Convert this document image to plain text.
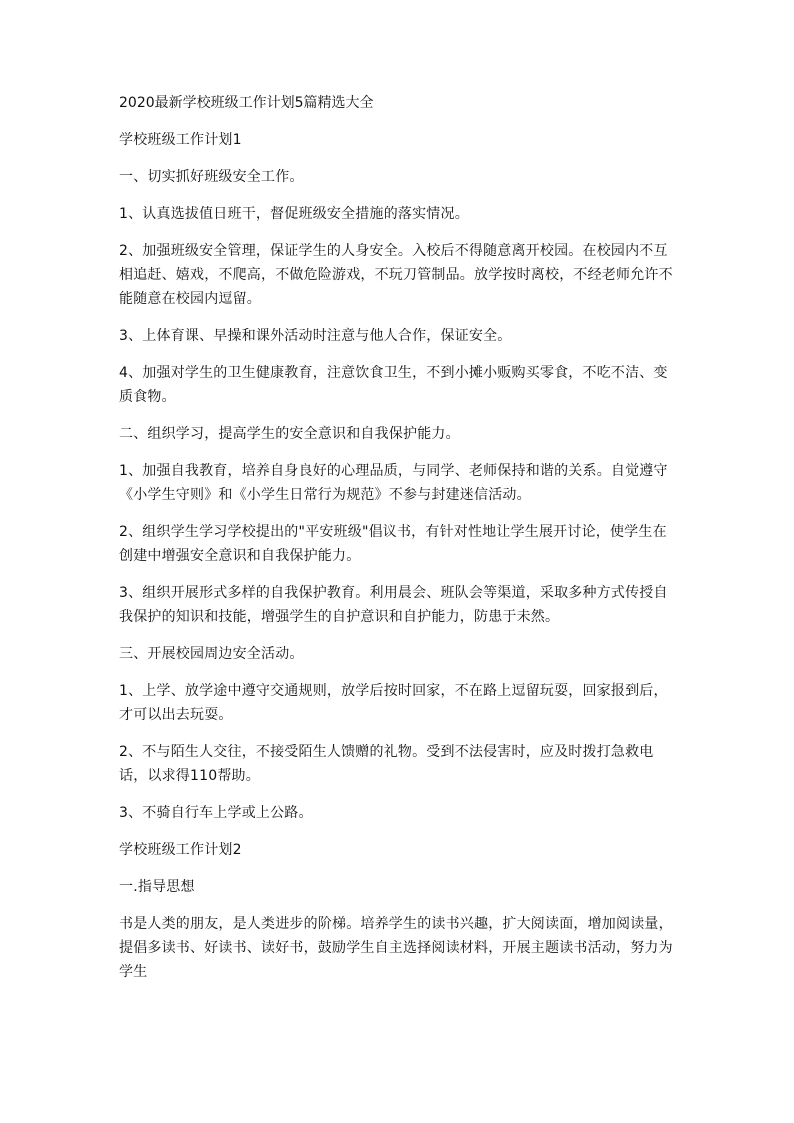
2020最新学校班级工作计划5篇精选大全

学校班级工作计划1

一、切实抓好班级安全工作。

1、认真选拔值日班干，督促班级安全措施的落实情况。

2、加强班级安全管理，保证学生的人身安全。入校后不得随意离开校园。在校园内不互相追赶、嬉戏，不爬高，不做危险游戏，不玩刀管制品。放学按时离校，不经老师允许不能随意在校园内逗留。

3、上体育课、早操和课外活动时注意与他人合作，保证安全。

4、加强对学生的卫生健康教育，注意饮食卫生，不到小摊小贩购买零食，不吃不洁、变质食物。

二、组织学习，提高学生的安全意识和自我保护能力。

1、加强自我教育，培养自身良好的心理品质，与同学、老师保持和谐的关系。自觉遵守《小学生守则》和《小学生日常行为规范》不参与封建迷信活动。

2、组织学生学习学校提出的"平安班级"倡议书，有针对性地让学生展开讨论，使学生在创建中增强安全意识和自我保护能力。

3、组织开展形式多样的自我保护教育。利用晨会、班队会等渠道，采取多种方式传授自我保护的知识和技能，增强学生的自护意识和自护能力，防患于未然。

三、开展校园周边安全活动。

1、上学、放学途中遵守交通规则，放学后按时回家，不在路上逗留玩耍，回家报到后，才可以出去玩耍。

2、不与陌生人交往，不接受陌生人馈赠的礼物。受到不法侵害时，应及时拨打急救电话，以求得110帮助。

3、不骑自行车上学或上公路。

学校班级工作计划2

一.指导思想

书是人类的朋友，是人类进步的阶梯。培养学生的读书兴趣，扩大阅读面，增加阅读量，提倡多读书、好读书、读好书，鼓励学生自主选择阅读材料，开展主题读书活动，努力为学生
